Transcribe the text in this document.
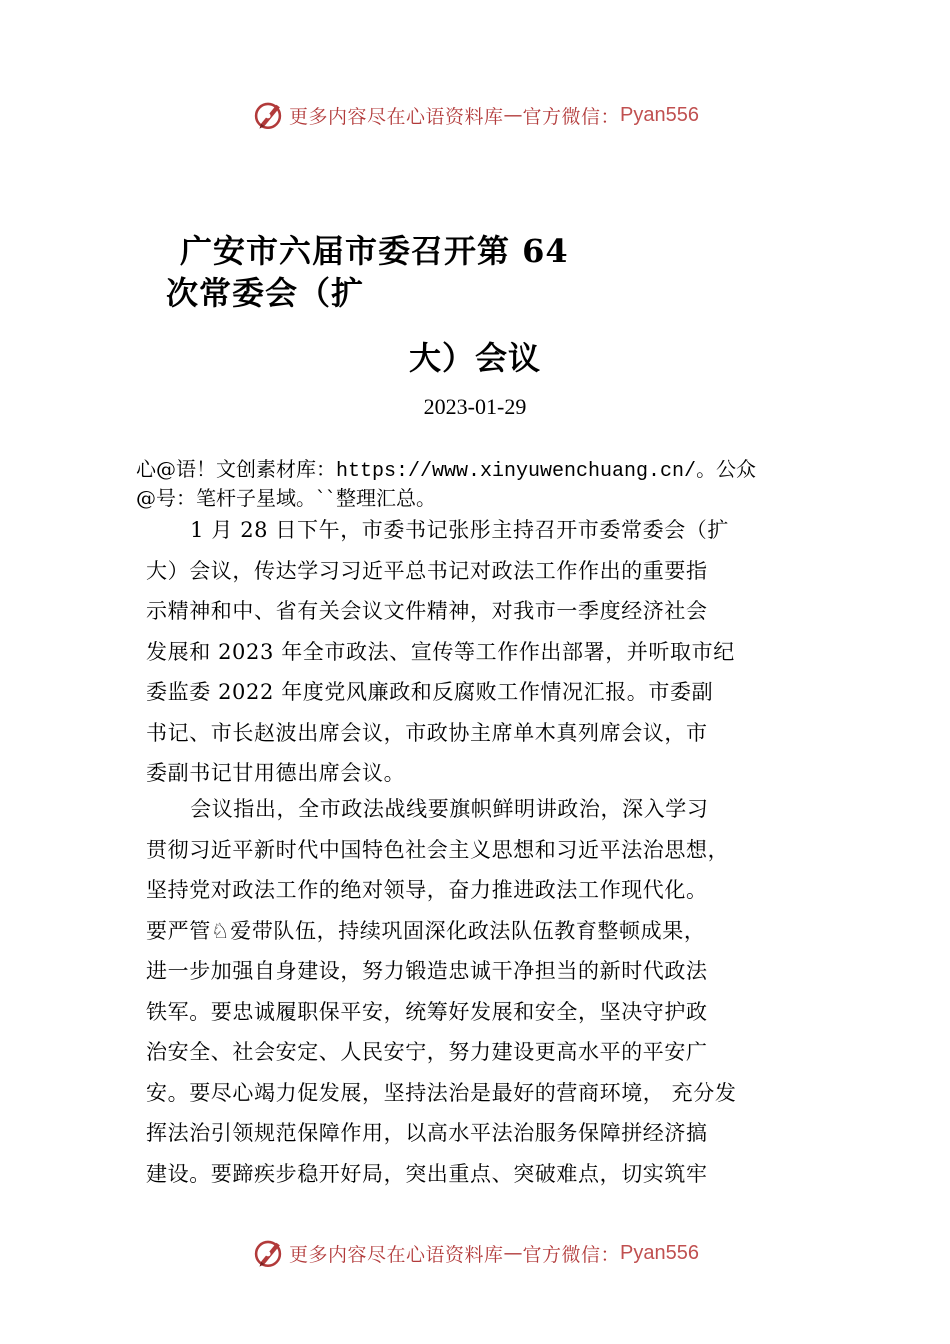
更多内容尽在心语资料库 — 官方微信： Pyan556
广安市六届市委召开第 64
次常委会（扩
大）会议
2023-01-29
心@语！文创素材库：https://www.xinyuwenchuang.cn/。公众
@号：笔杆子星域。``整理汇总。
1 月 28 日下午，市委书记张彤主持召开市委常委会（扩
大）会议，传达学习习近平总书记对政法工作作出的重要指
示精神和中、省有关会议文件精神，对我市一季度经济社会
发展和 2023 年全市政法、宣传等工作作出部署，并听取市纪
委监委 2022 年度党风廉政和反腐败工作情况汇报。市委副
书记、市长赵波出席会议，市政协主席单木真列席会议，市
委副书记甘用德出席会议。
会议指出，全市政法战线要旗帜鲜明讲政治，深入学习
贯彻习近平新时代中国特色社会主义思想和习近平法治思想，
坚持党对政法工作的绝对领导，奋力推进政法工作现代化。
要严管♘爱带队伍，持续巩固深化政法队伍教育整顿成果，
进一步加强自身建设，努力锻造忠诚干净担当的新时代政法
铁军。要忠诚履职保平安，统筹好发展和安全，坚决守护政
治安全、社会安定、人民安宁，努力建设更高水平的平安广
安。要尽心竭力促发展，坚持法治是最好的营商环境， 充分发
挥法治引领规范保障作用，以高水平法治服务保障拼经济搞
建设。要蹄疾步稳开好局，突出重点、突破难点，切实筑牢
更多内容尽在心语资料库 — 官方微信： Pyan556
